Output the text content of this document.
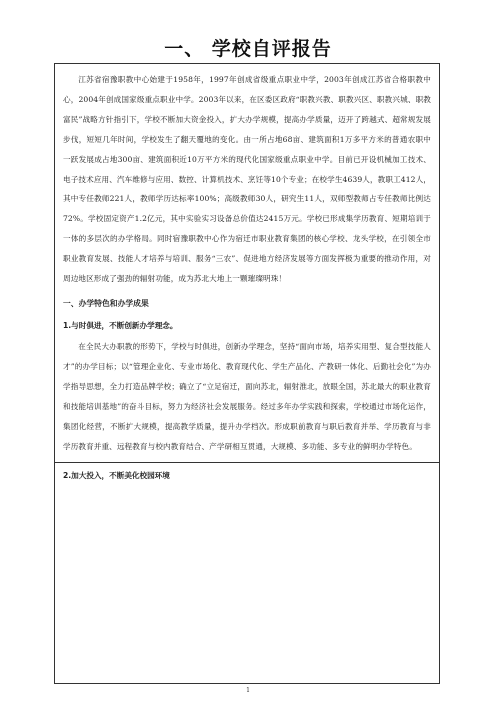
一、 学校自评报告

江苏省宿豫职教中心始建于1958年，1997年创成省级重点职业中学，2003年创成江苏省合格职教中心，2004年创成国家级重点职业中学。2003年以来，在区委区政府“职教兴教、职教兴区、职教兴城、职教富民”战略方针指引下，学校不断加大资金投入，扩大办学规模，提高办学质量，迈开了跨越式、超常规发展步伐，短短几年时间，学校发生了翻天覆地的变化。由一所占地68亩、建筑面积1万多平方米的普通农职中一跃发展成占地300亩、建筑面积近10万平方米的现代化国家级重点职业中学。目前已开设机械加工技术、电子技术应用、汽车维修与应用、数控、计算机技术、烹饪等10个专业；在校学生4639人，教职工412人，其中专任教师221人，教师学历达标率100%；高级教师30人，研究生11人，双师型教师占专任教师比例达72%。学校固定资产1.2亿元，其中实验实习设备总价值达2415万元。学校已形成集学历教育、短期培训于一体的多层次的办学格局。同时宿豫职教中心作为宿迁市职业教育集团的核心学校、龙头学校，在引领全市职业教育发展、技能人才培养与培训、服务“三农”、促进地方经济发展等方面发挥极为重要的推动作用，对周边地区形成了强劲的辐射功能，成为苏北大地上一颗璀璨明珠！

一、办学特色和办学成果
1.与时俱进，不断创新办学理念。

在全民大办职教的形势下，学校与时俱进，创新办学理念，坚持“面向市场，培养实用型、复合型技能人才”的办学目标；以“管理企业化、专业市场化、教育现代化、学生产品化、产教研一体化、后勤社会化”为办学指导思想，全力打造品牌学校；确立了“立足宿迁，面向苏北，辐射淮北，放眼全国，苏北最大的职业教育和技能培训基地”的奋斗目标，努力为经济社会发展服务。经过多年办学实践和探索，学校通过市场化运作，集团化经营，不断扩大规模，提高教学质量，提升办学档次。形成职前教育与职后教育并举、学历教育与非学历教育并重、远程教育与校内教育结合、产学研相互贯通，大规模、多功能、多专业的鲜明办学特色。

2.加大投入，不断美化校园环境
1
